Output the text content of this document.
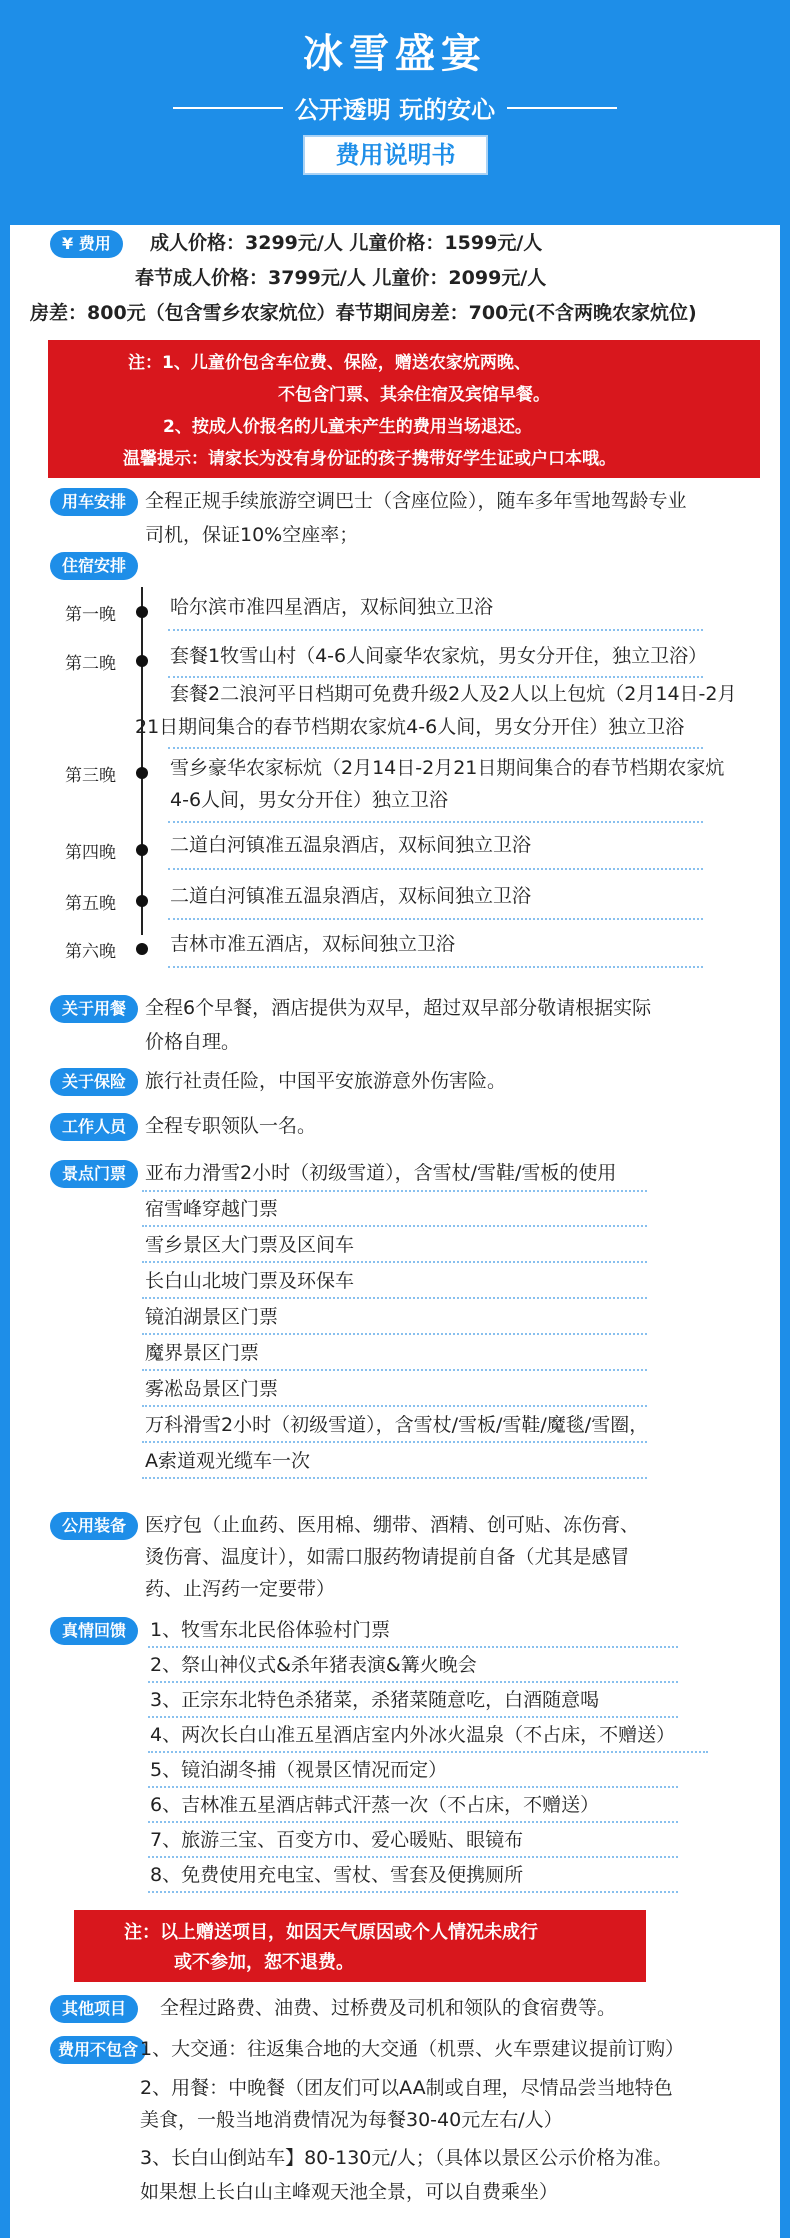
冰雪盛宴
公开透明 玩的安心
费用说明书
¥ 费用	成人价格：3299元/人 儿童价格：1599元/人
春节成人价格：3799元/人 儿童价：2099元/人
房差：800元（包含雪乡农家炕位）春节期间房差：700元(不含两晚农家炕位)
注：1、儿童价包含车位费、保险，赠送农家炕两晚、
不包含门票、其余住宿及宾馆早餐。
2、按成人价报名的儿童未产生的费用当场退还。
温馨提示：请家长为没有身份证的孩子携带好学生证或户口本哦。
用车安排 全程正规手续旅游空调巴士（含座位险），随车多年雪地驾龄专业
司机，保证10%空座率；
住宿安排
第一晚	哈尔滨市准四星酒店，双标间独立卫浴
第二晚	套餐1牧雪山村（4-6人间豪华农家炕，男女分开住，独立卫浴）
套餐2二浪河平日档期可免费升级2人及2人以上包炕（2月14日-2月
21日期间集合的春节档期农家炕4-6人间，男女分开住）独立卫浴
第三晚	雪乡豪华农家标炕（2月14日-2月21日期间集合的春节档期农家炕
4-6人间，男女分开住）独立卫浴
第四晚	二道白河镇准五温泉酒店，双标间独立卫浴
第五晚	二道白河镇准五温泉酒店，双标间独立卫浴
第六晚	吉林市准五酒店，双标间独立卫浴
关于用餐 全程6个早餐，酒店提供为双早，超过双早部分敬请根据实际
价格自理。
关于保险 旅行社责任险，中国平安旅游意外伤害险。
工作人员 全程专职领队一名。
景点门票 亚布力滑雪2小时（初级雪道），含雪杖/雪鞋/雪板的使用
宿雪峰穿越门票
雪乡景区大门票及区间车
长白山北坡门票及环保车
镜泊湖景区门票
魔界景区门票
雾凇岛景区门票
万科滑雪2小时（初级雪道），含雪杖/雪板/雪鞋/魔毯/雪圈，
A索道观光缆车一次
公用装备 医疗包（止血药、医用棉、绷带、酒精、创可贴、冻伤膏、
烫伤膏、温度计），如需口服药物请提前自备（尤其是感冒
药、止泻药一定要带）
真情回馈	1、牧雪东北民俗体验村门票
2、祭山神仪式&杀年猪表演&篝火晚会
3、正宗东北特色杀猪菜，杀猪菜随意吃，白酒随意喝
4、两次长白山准五星酒店室内外冰火温泉（不占床，不赠送）
5、镜泊湖冬捕（视景区情况而定）
6、吉林准五星酒店韩式汗蒸一次（不占床，不赠送）
7、旅游三宝、百变方巾、爱心暖贴、眼镜布
8、免费使用充电宝、雪杖、雪套及便携厕所
注：以上赠送项目，如因天气原因或个人情况未成行
或不参加，恕不退费。
其他项目	全程过路费、油费、过桥费及司机和领队的食宿费等。
费用不包含 1、大交通：往返集合地的大交通（机票、火车票建议提前订购）
2、用餐：中晚餐（团友们可以AA制或自理，尽情品尝当地特色
美食，一般当地消费情况为每餐30-40元左右/人）
3、长白山倒站车】80-130元/人；（具体以景区公示价格为准。
如果想上长白山主峰观天池全景，可以自费乘坐）
